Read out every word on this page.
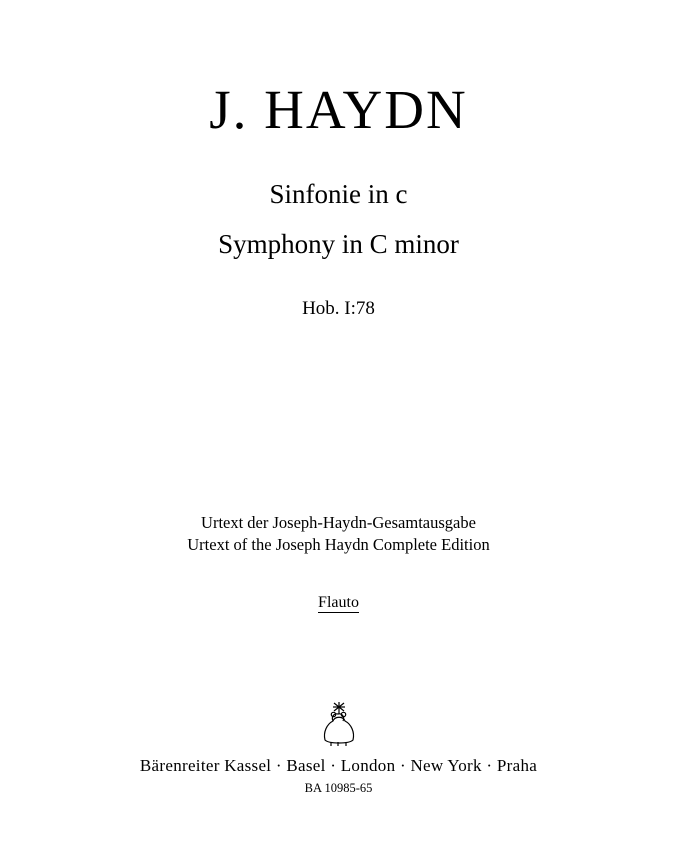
J. HAYDN
Sinfonie in c
Symphony in C minor
Hob. I:78
Urtext der Joseph-Haydn-Gesamtausgabe
Urtext of the Joseph Haydn Complete Edition
Flauto
Bärenreiter Kassel · Basel · London · New York · Praha
BA 10985-65
